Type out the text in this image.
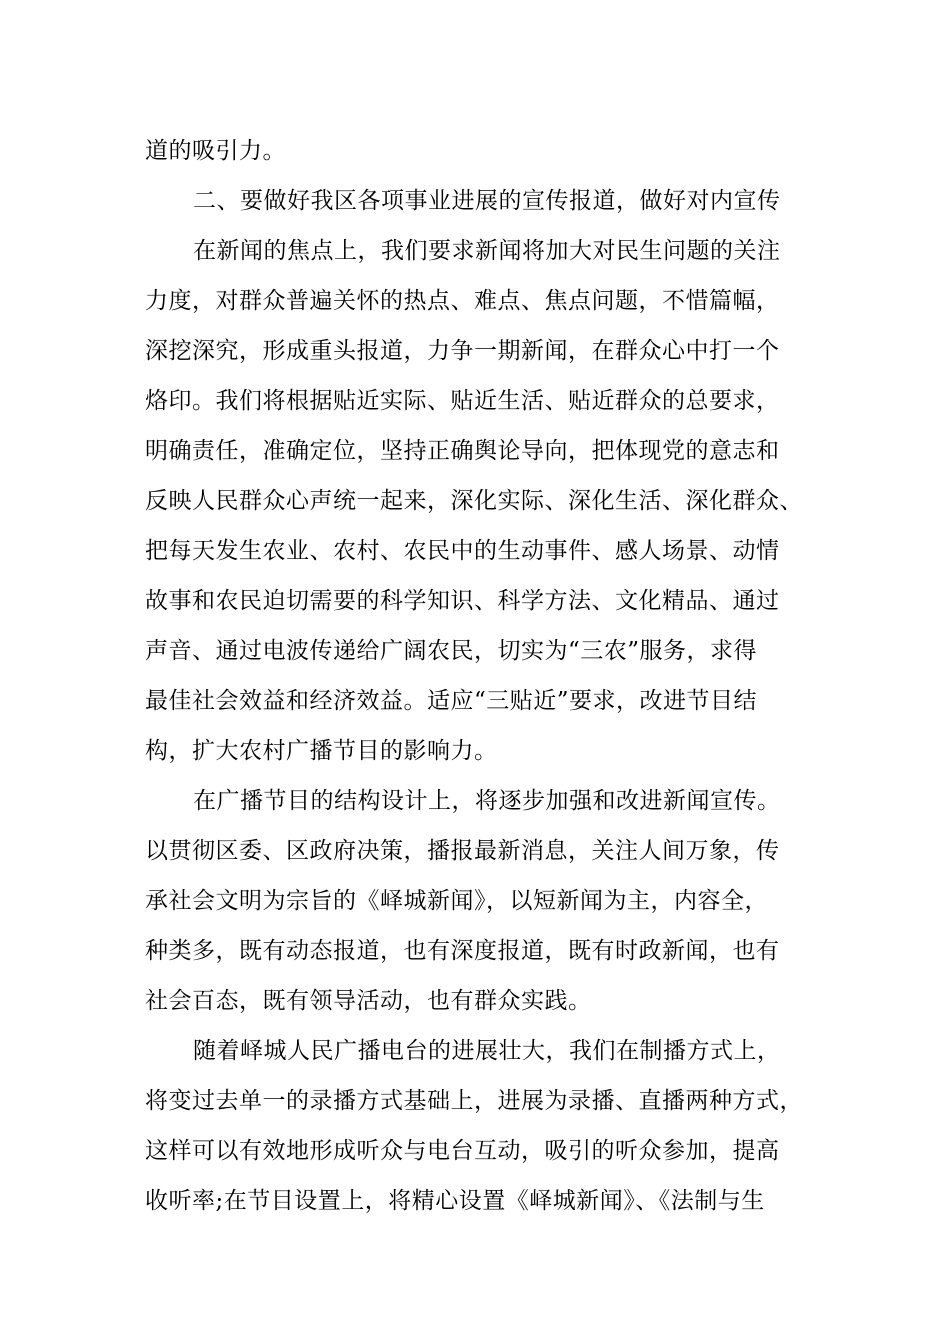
道的吸引力。
二、要做好我区各项事业进展的宣传报道，做好对内宣传
在新闻的焦点上，我们要求新闻将加大对民生问题的关注
力度，对群众普遍关怀的热点、难点、焦点问题，不惜篇幅，
深挖深究，形成重头报道，力争一期新闻，在群众心中打一个
烙印。我们将根据贴近实际、贴近生活、贴近群众的总要求，
明确责任，准确定位，坚持正确舆论导向，把体现党的意志和
反映人民群众心声统一起来，深化实际、深化生活、深化群众、
把每天发生农业、农村、农民中的生动事件、感人场景、动情
故事和农民迫切需要的科学知识、科学方法、文化精品、通过
声音、通过电波传递给广阔农民，切实为“三农”服务，求得
最佳社会效益和经济效益。适应“三贴近”要求，改进节目结
构，扩大农村广播节目的影响力。
在广播节目的结构设计上，将逐步加强和改进新闻宣传。
以贯彻区委、区政府决策，播报最新消息，关注人间万象，传
承社会文明为宗旨的《峄城新闻》，以短新闻为主，内容全，
种类多，既有动态报道，也有深度报道，既有时政新闻，也有
社会百态，既有领导活动，也有群众实践。
随着峄城人民广播电台的进展壮大，我们在制播方式上，
将变过去单一的录播方式基础上，进展为录播、直播两种方式，
这样可以有效地形成听众与电台互动，吸引的听众参加，提高
收听率;在节目设置上，将精心设置《峄城新闻》、《法制与生
